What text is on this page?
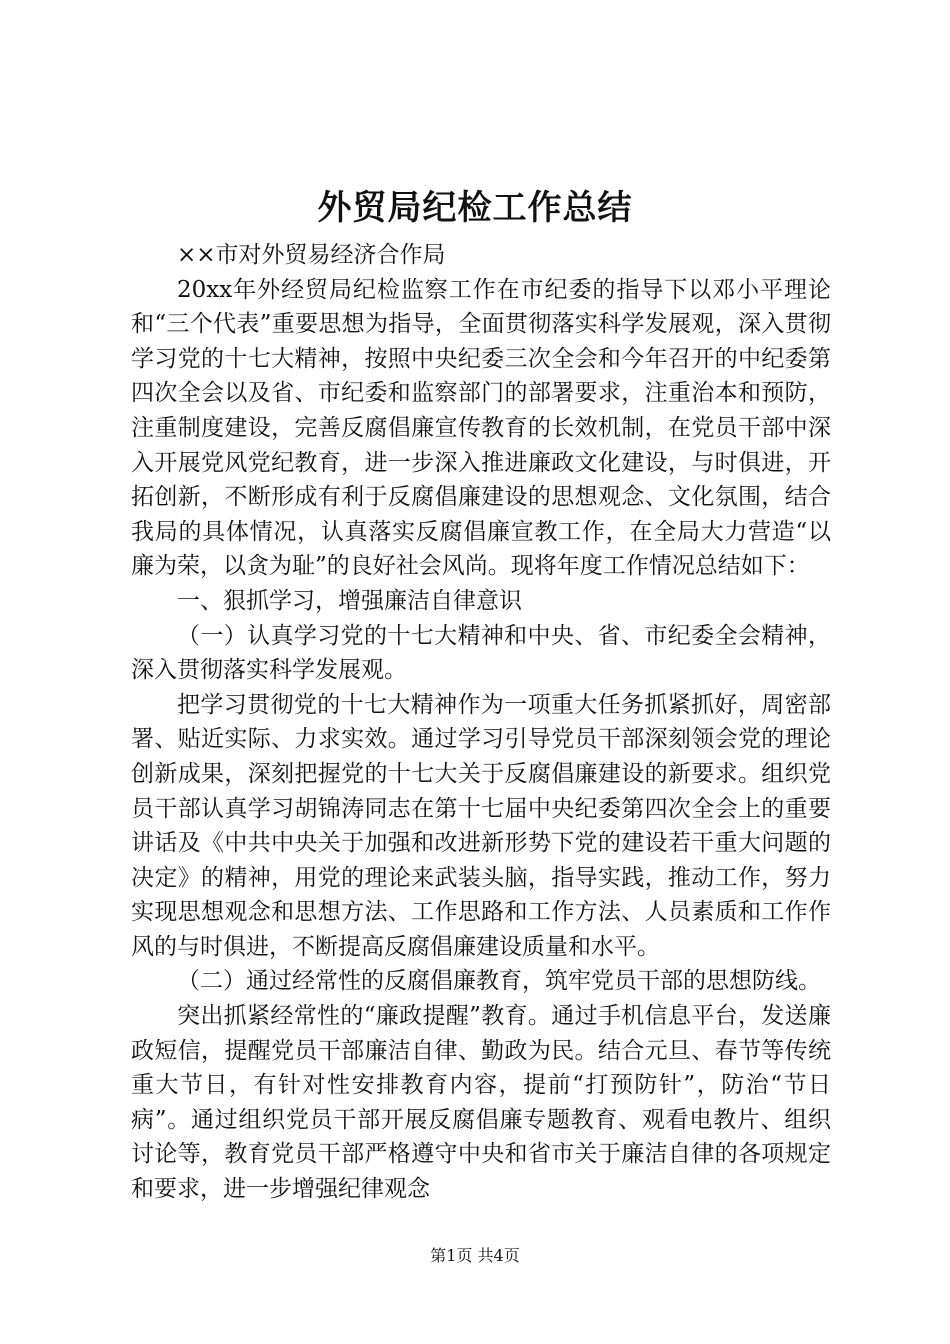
外贸局纪检工作总结

××市对外贸易经济合作局

20xx年外经贸局纪检监察工作在市纪委的指导下以邓小平理论和“三个代表”重要思想为指导，全面贯彻落实科学发展观，深入贯彻学习党的十七大精神，按照中央纪委三次全会和今年召开的中纪委第四次全会以及省、市纪委和监察部门的部署要求，注重治本和预防，注重制度建设，完善反腐倡廉宣传教育的长效机制，在党员干部中深入开展党风党纪教育，进一步深入推进廉政文化建设，与时俱进，开拓创新，不断形成有利于反腐倡廉建设的思想观念、文化氛围，结合我局的具体情况，认真落实反腐倡廉宣教工作，在全局大力营造“以廉为荣，以贪为耻”的良好社会风尚。现将年度工作情况总结如下：

一、狠抓学习，增强廉洁自律意识

（一）认真学习党的十七大精神和中央、省、市纪委全会精神，深入贯彻落实科学发展观。

把学习贯彻党的十七大精神作为一项重大任务抓紧抓好，周密部署、贴近实际、力求实效。通过学习引导党员干部深刻领会党的理论创新成果，深刻把握党的十七大关于反腐倡廉建设的新要求。组织党员干部认真学习胡锦涛同志在第十七届中央纪委第四次全会上的重要讲话及《中共中央关于加强和改进新形势下党的建设若干重大问题的决定》的精神，用党的理论来武装头脑，指导实践，推动工作，努力实现思想观念和思想方法、工作思路和工作方法、人员素质和工作作风的与时俱进，不断提高反腐倡廉建设质量和水平。

（二）通过经常性的反腐倡廉教育，筑牢党员干部的思想防线。

突出抓紧经常性的“廉政提醒”教育。通过手机信息平台，发送廉政短信，提醒党员干部廉洁自律、勤政为民。结合元旦、春节等传统重大节日，有针对性安排教育内容，提前“打预防针”，防治“节日病”。通过组织党员干部开展反腐倡廉专题教育、观看电教片、组织讨论等，教育党员干部严格遵守中央和省市关于廉洁自律的各项规定和要求，进一步增强纪律观念

第1页 共4页
